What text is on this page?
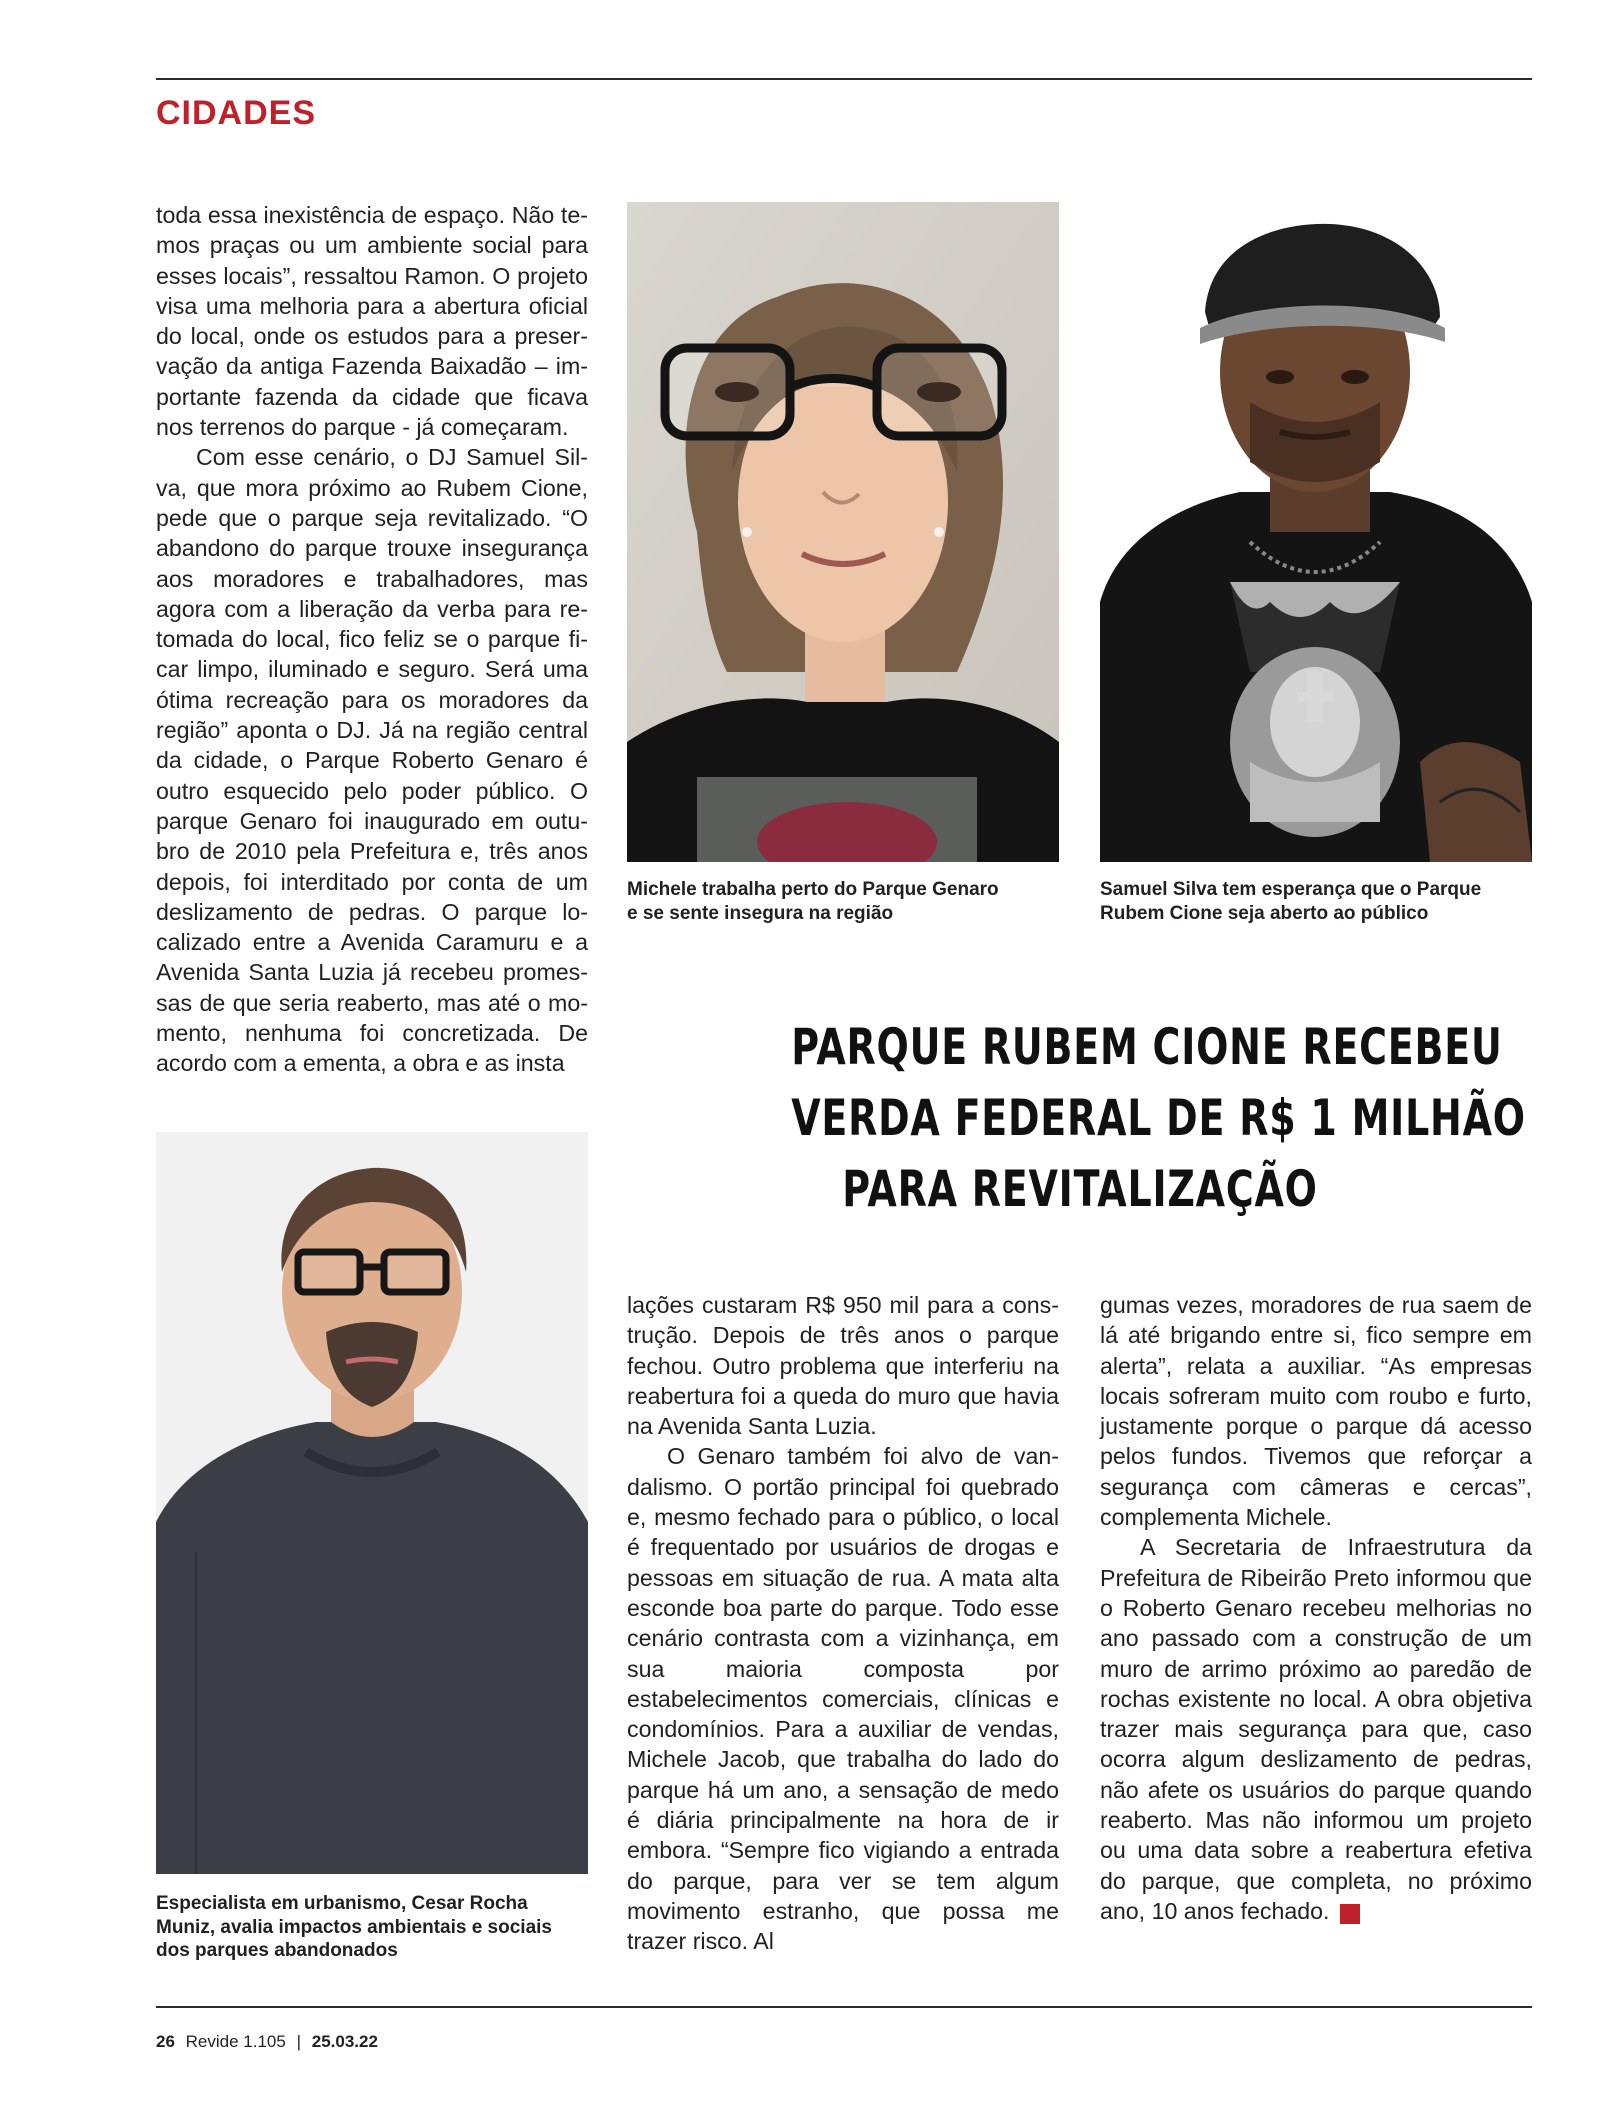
CIDADES

toda essa inexistência de espaço. Não temos praças ou um ambiente social para esses locais”, ressaltou Ramon. O projeto visa uma melhoria para a abertura oficial do local, onde os estudos para a preservação da antiga Fazenda Baixadão – importante fazenda da cidade que ficava nos terrenos do parque - já começaram.

Com esse cenário, o DJ Samuel Silva, que mora próximo ao Rubem Cione, pede que o parque seja revitalizado. “O abandono do parque trouxe insegurança aos moradores e trabalhadores, mas agora com a liberação da verba para retomada do local, fico feliz se o parque ficar limpo, iluminado e seguro. Será uma ótima recreação para os moradores da região” aponta o DJ. Já na região central da cidade, o Parque Roberto Genaro é outro esquecido pelo poder público. O parque Genaro foi inaugurado em outubro de 2010 pela Prefeitura e, três anos depois, foi interditado por conta de um deslizamento de pedras. O parque localizado entre a Avenida Caramuru e a Avenida Santa Luzia já recebeu promessas de que seria reaberto, mas até o momento, nenhuma foi concretizada. De acordo com a ementa, a obra e as insta

Michele trabalha perto do Parque Genaro e se sente insegura na região
Samuel Silva tem esperança que o Parque Rubem Cione seja aberto ao público
PARQUE RUBEM CIONE RECEBEU
VERDA FEDERAL DE R$ 1 MILHÃO
PARA REVITALIZAÇÃO
Especialista em urbanismo, Cesar Rocha Muniz, avalia impactos ambientais e sociais dos parques abandonados

lações custaram R$ 950 mil para a construção. Depois de três anos o parque fechou. Outro problema que interferiu na reabertura foi a queda do muro que havia na Avenida Santa Luzia.

O Genaro também foi alvo de vandalismo. O portão principal foi quebrado e, mesmo fechado para o público, o local é frequentado por usuários de drogas e pessoas em situação de rua. A mata alta esconde boa parte do parque. Todo esse cenário contrasta com a vizinhança, em sua maioria composta por estabelecimentos comerciais, clínicas e condomínios. Para a auxiliar de vendas, Michele Jacob, que trabalha do lado do parque há um ano, a sensação de medo é diária principalmente na hora de ir embora. “Sempre fico vigiando a entrada do parque, para ver se tem algum movimento estranho, que possa me trazer risco. Al

gumas vezes, moradores de rua saem de lá até brigando entre si, fico sempre em alerta”, relata a auxiliar. “As empresas locais sofreram muito com roubo e furto, justamente porque o parque dá acesso pelos fundos. Tivemos que reforçar a segurança com câmeras e cercas”, complementa Michele.

A Secretaria de Infraestrutura da Prefeitura de Ribeirão Preto informou que o Roberto Genaro recebeu melhorias no ano passado com a construção de um muro de arrimo próximo ao paredão de rochas existente no local. A obra objetiva trazer mais segurança para que, caso ocorra algum deslizamento de pedras, não afete os usuários do parque quando reaberto. Mas não informou um projeto ou uma data sobre a reabertura efetiva do parque, que completa, no próximo ano, 10 anos fechado.	R

26 Revide 1.105 | 25.03.22
